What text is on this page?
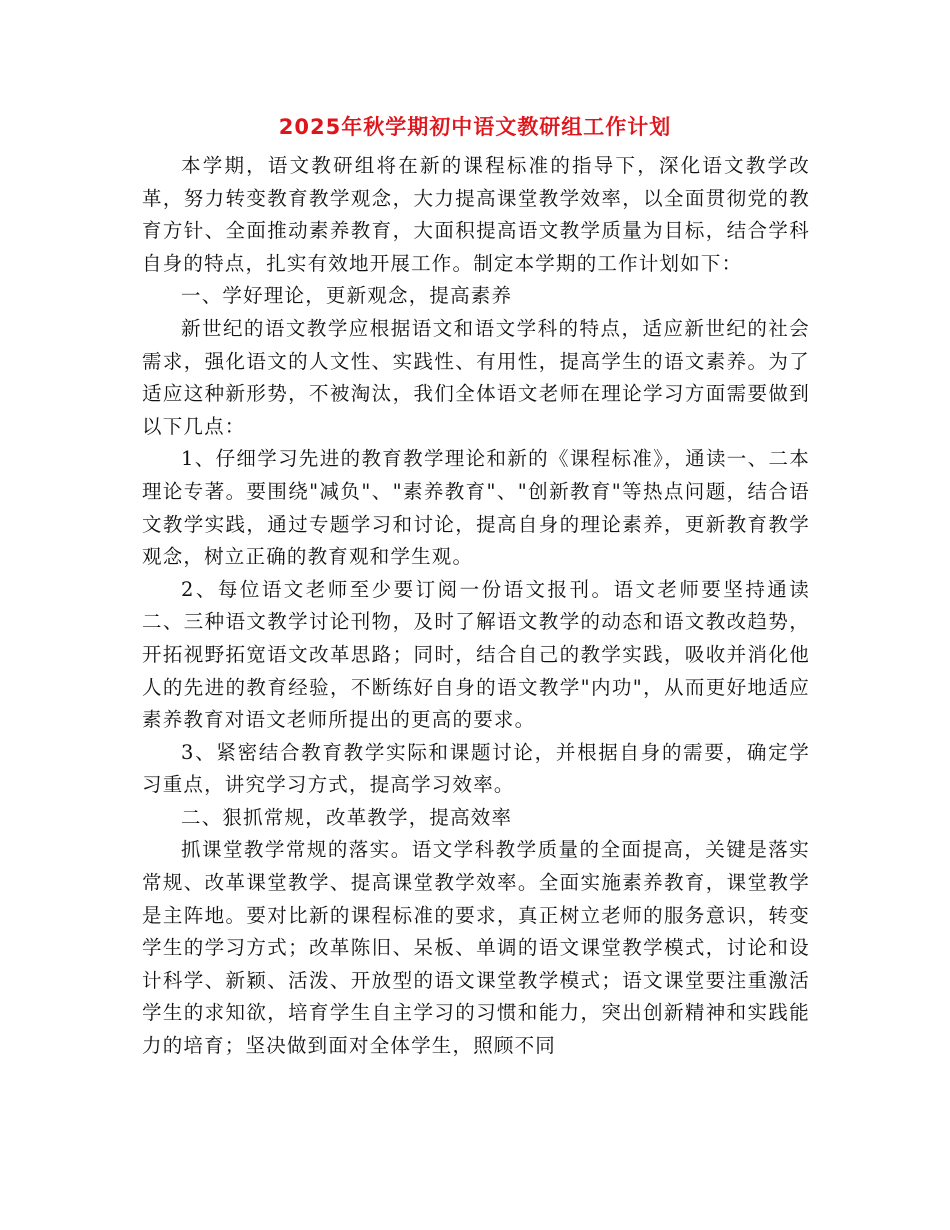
2025年秋学期初中语文教研组工作计划

本学期，语文教研组将在新的课程标准的指导下，深化语文教学改革，努力转变教育教学观念，大力提高课堂教学效率，以全面贯彻党的教育方针、全面推动素养教育，大面积提高语文教学质量为目标，结合学科自身的特点，扎实有效地开展工作。制定本学期的工作计划如下：

一、学好理论，更新观念，提高素养

新世纪的语文教学应根据语文和语文学科的特点，适应新世纪的社会需求，强化语文的人文性、实践性、有用性，提高学生的语文素养。为了适应这种新形势，不被淘汰，我们全体语文老师在理论学习方面需要做到以下几点：

1、仔细学习先进的教育教学理论和新的《课程标准》，通读一、二本理论专著。要围绕"减负"、"素养教育"、"创新教育"等热点问题，结合语文教学实践，通过专题学习和讨论，提高自身的理论素养，更新教育教学观念，树立正确的教育观和学生观。

2、每位语文老师至少要订阅一份语文报刊。语文老师要坚持通读二、三种语文教学讨论刊物，及时了解语文教学的动态和语文教改趋势，开拓视野拓宽语文改革思路；同时，结合自己的教学实践，吸收并消化他人的先进的教育经验，不断练好自身的语文教学"内功"，从而更好地适应素养教育对语文老师所提出的更高的要求。

3、紧密结合教育教学实际和课题讨论，并根据自身的需要，确定学习重点，讲究学习方式，提高学习效率。

二、狠抓常规，改革教学，提高效率

抓课堂教学常规的落实。语文学科教学质量的全面提高，关键是落实常规、改革课堂教学、提高课堂教学效率。全面实施素养教育，课堂教学是主阵地。要对比新的课程标准的要求，真正树立老师的服务意识，转变学生的学习方式；改革陈旧、呆板、单调的语文课堂教学模式，讨论和设计科学、新颖、活泼、开放型的语文课堂教学模式；语文课堂要注重激活学生的求知欲，培育学生自主学习的习惯和能力，突出创新精神和实践能力的培育；坚决做到面对全体学生，照顾不同
